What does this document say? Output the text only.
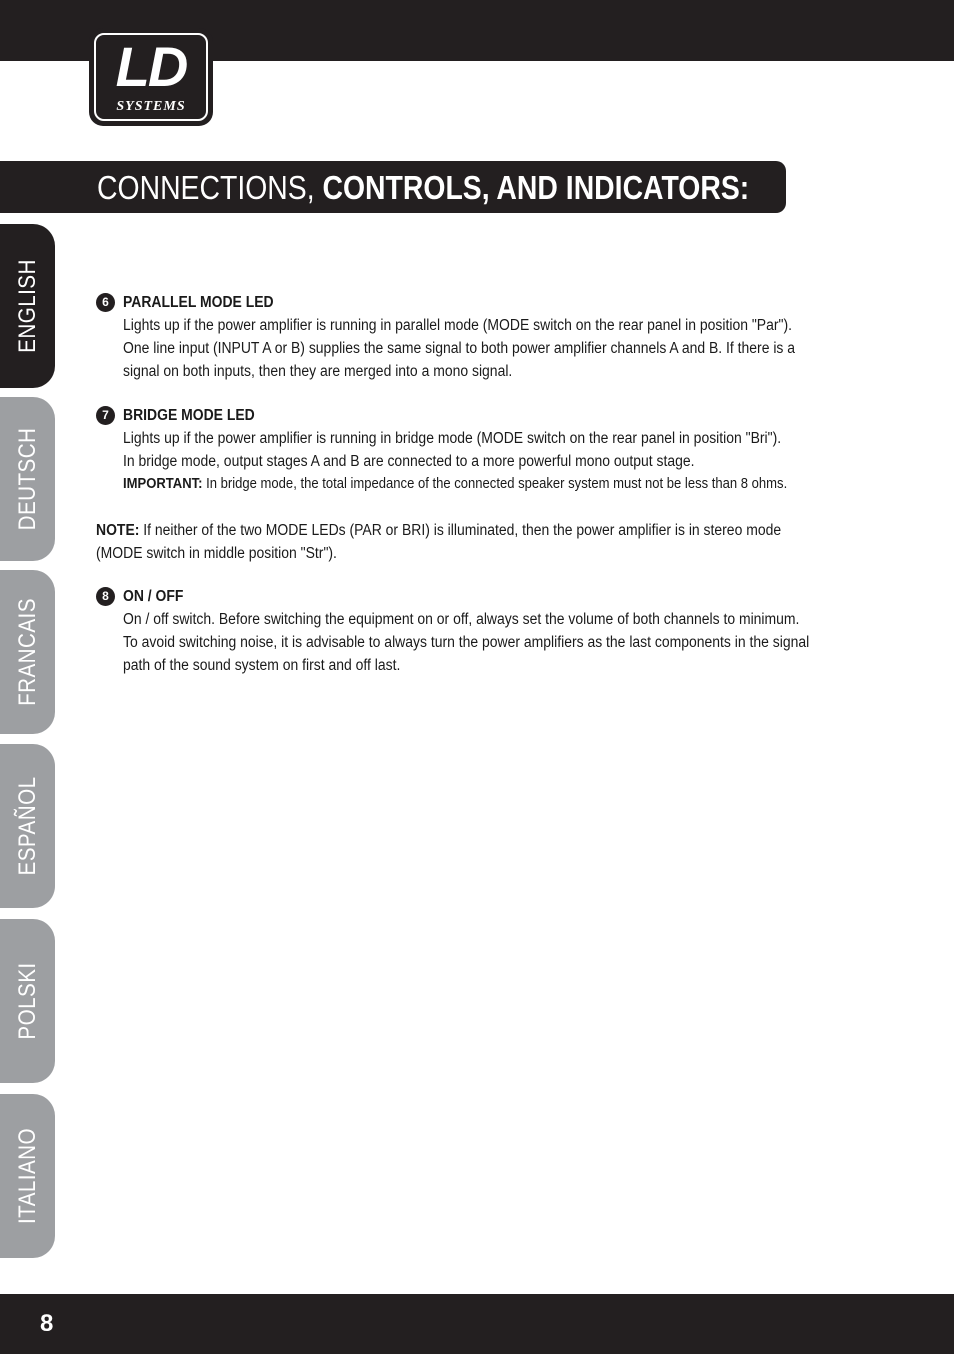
LD
SYSTEMS
CONNECTIONS, CONTROLS, AND INDICATORS:
ENGLISH
DEUTSCH
FRANCAIS
ESPAÑOL
POLSKI
ITALIANO
6 PARALLEL MODE LED
Lights up if the power amplifier is running in parallel mode (MODE switch on the rear panel in position "Par").
One line input (INPUT A or B) supplies the same signal to both power amplifier channels A and B. If there is a
signal on both inputs, then they are merged into a mono signal.
7 BRIDGE MODE LED
Lights up if the power amplifier is running in bridge mode (MODE switch on the rear panel in position "Bri").
In bridge mode, output stages A and B are connected to a more powerful mono output stage.
IMPORTANT: In bridge mode, the total impedance of the connected speaker system must not be less than 8 ohms.
NOTE: If neither of the two MODE LEDs (PAR or BRI) is illuminated, then the power amplifier is in stereo mode
(MODE switch in middle position "Str").
8 ON / OFF
On / off switch. Before switching the equipment on or off, always set the volume of both channels to minimum.
To avoid switching noise, it is advisable to always turn the power amplifiers as the last components in the signal
path of the sound system on first and off last.
8
